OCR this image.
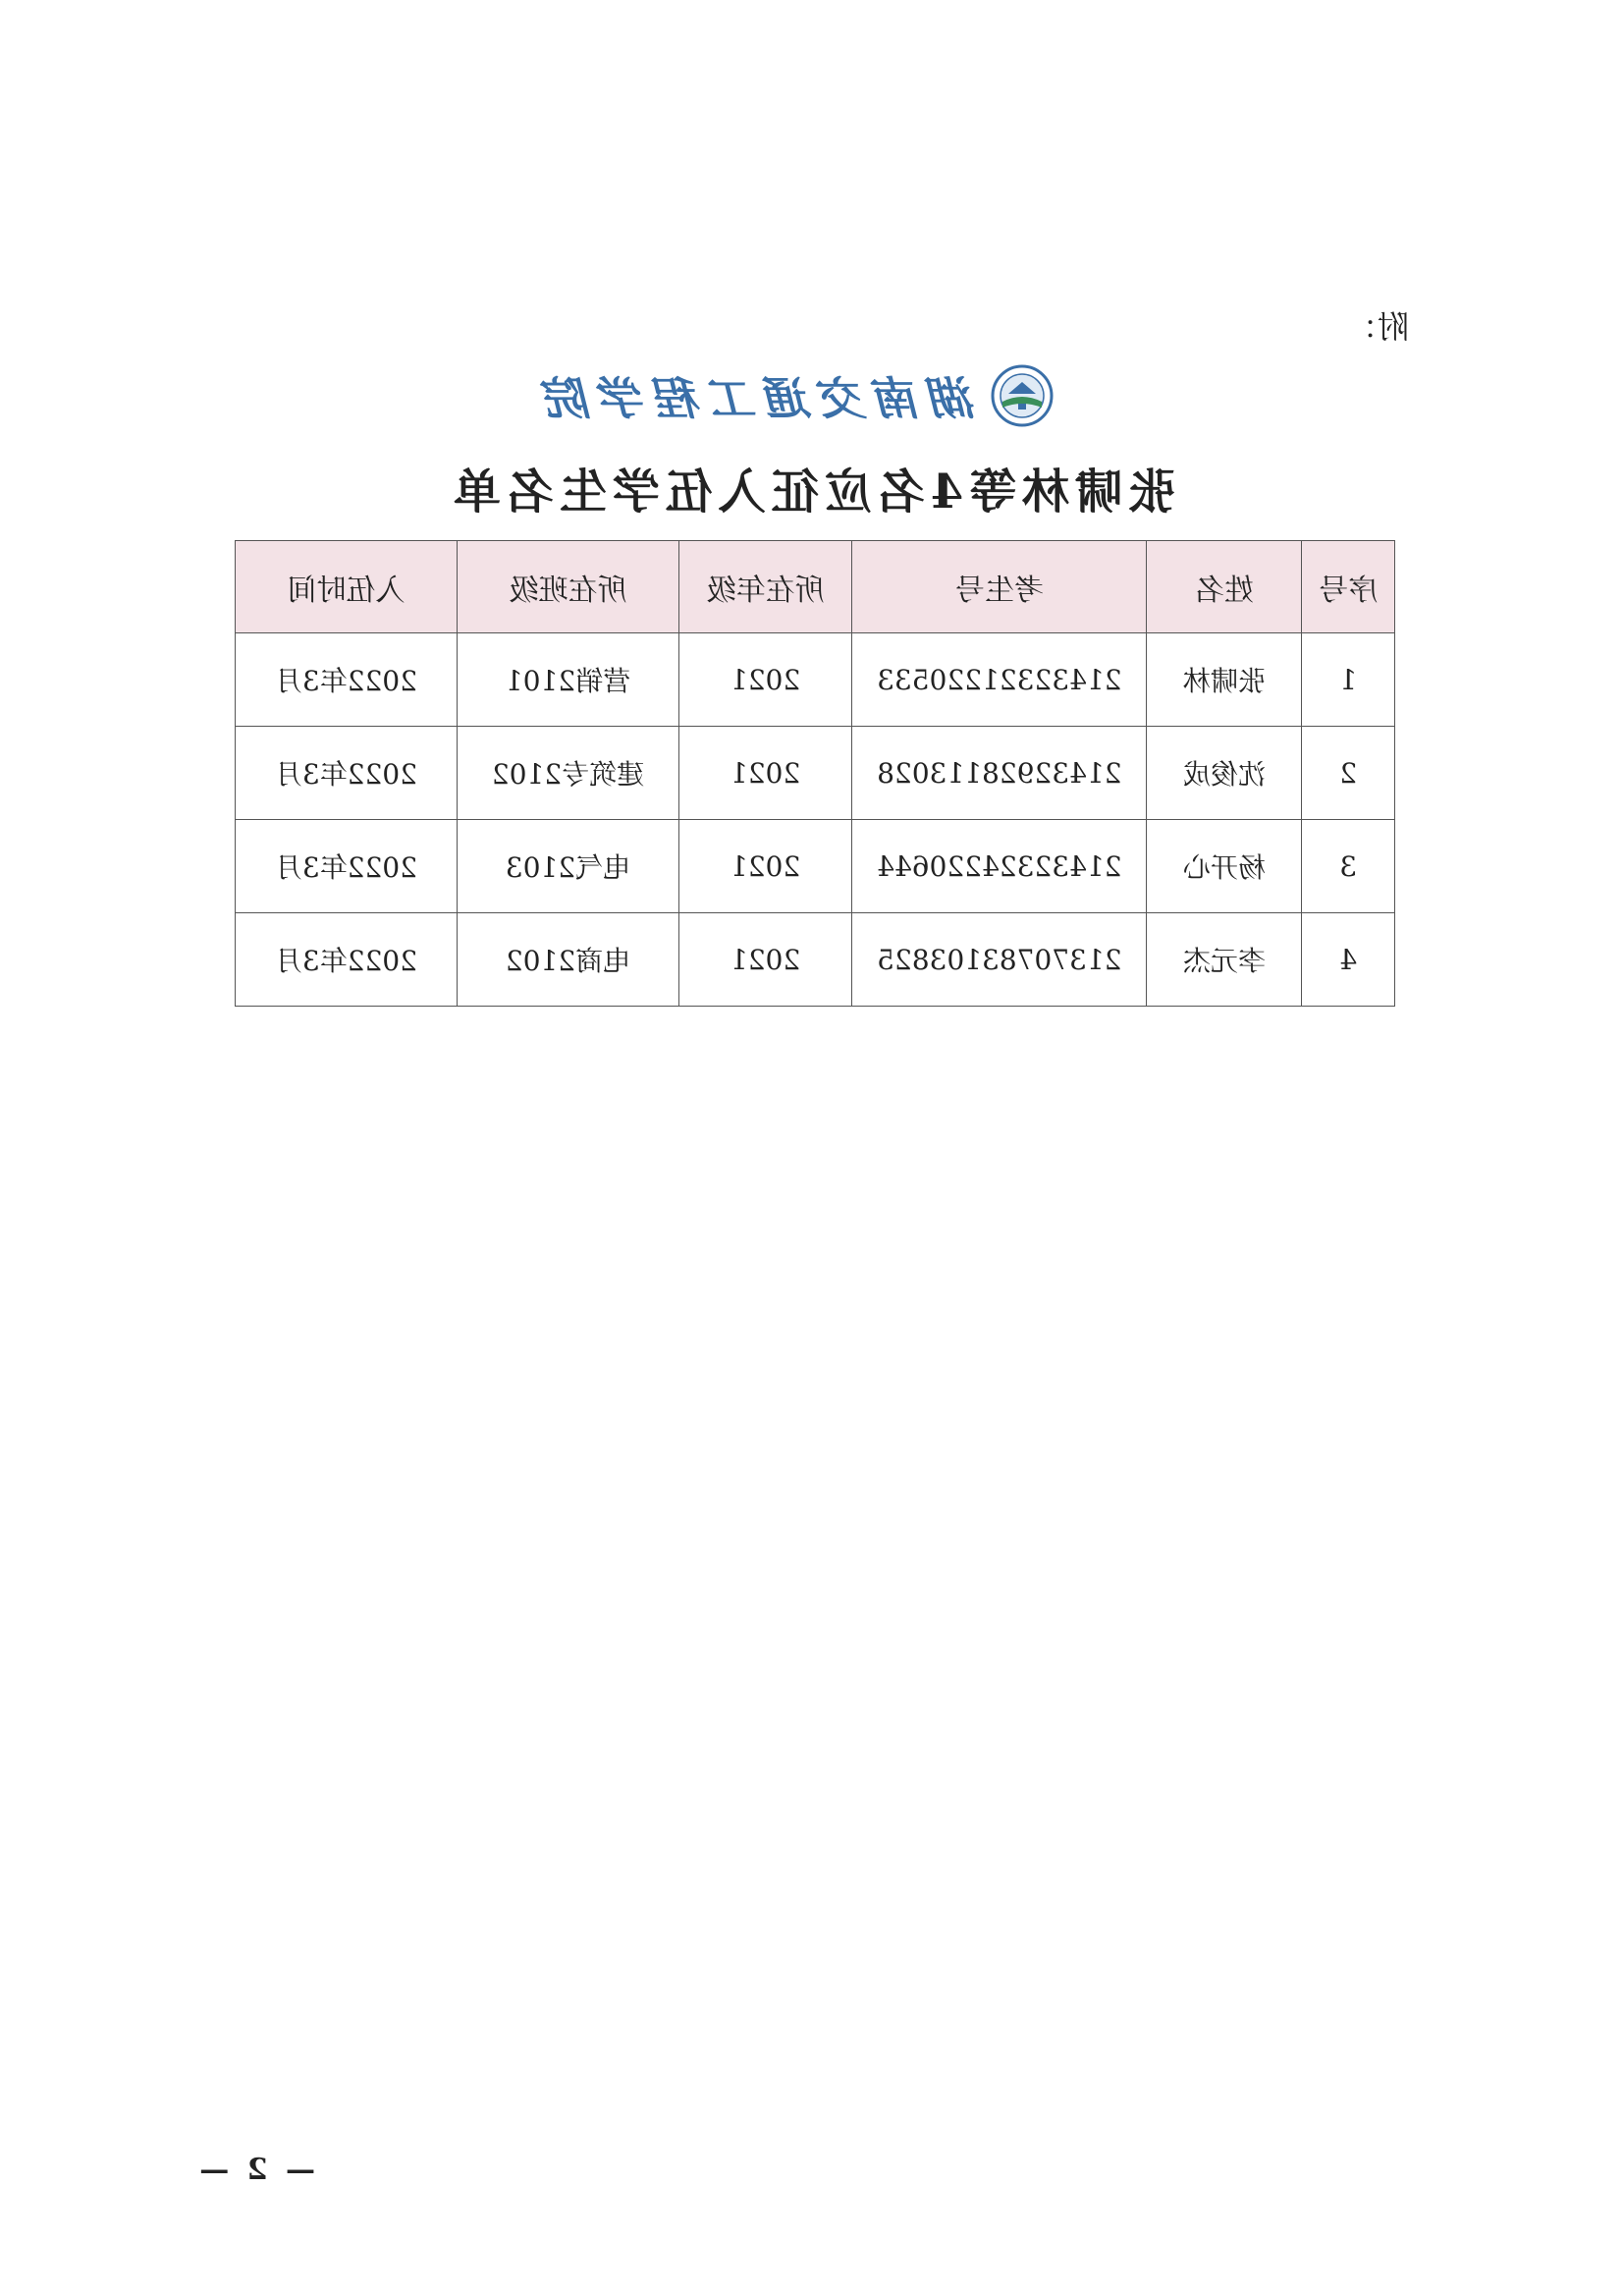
附：
湖南交通工程学院
张啸林等4名应征入伍学生名单
序号	姓名	考生号	所在年级	所在班级	入伍时间
1	张啸林	21432321220533	2021	营销2101	2022年3月
2	沈俊成	21432928113028	2021	建筑专2102	2022年3月
3	杨开心	21432324220644	2021	电气2103	2022年3月
4	李元杰	21370783103825	2021	电商2102	2022年3月
— 2 —
